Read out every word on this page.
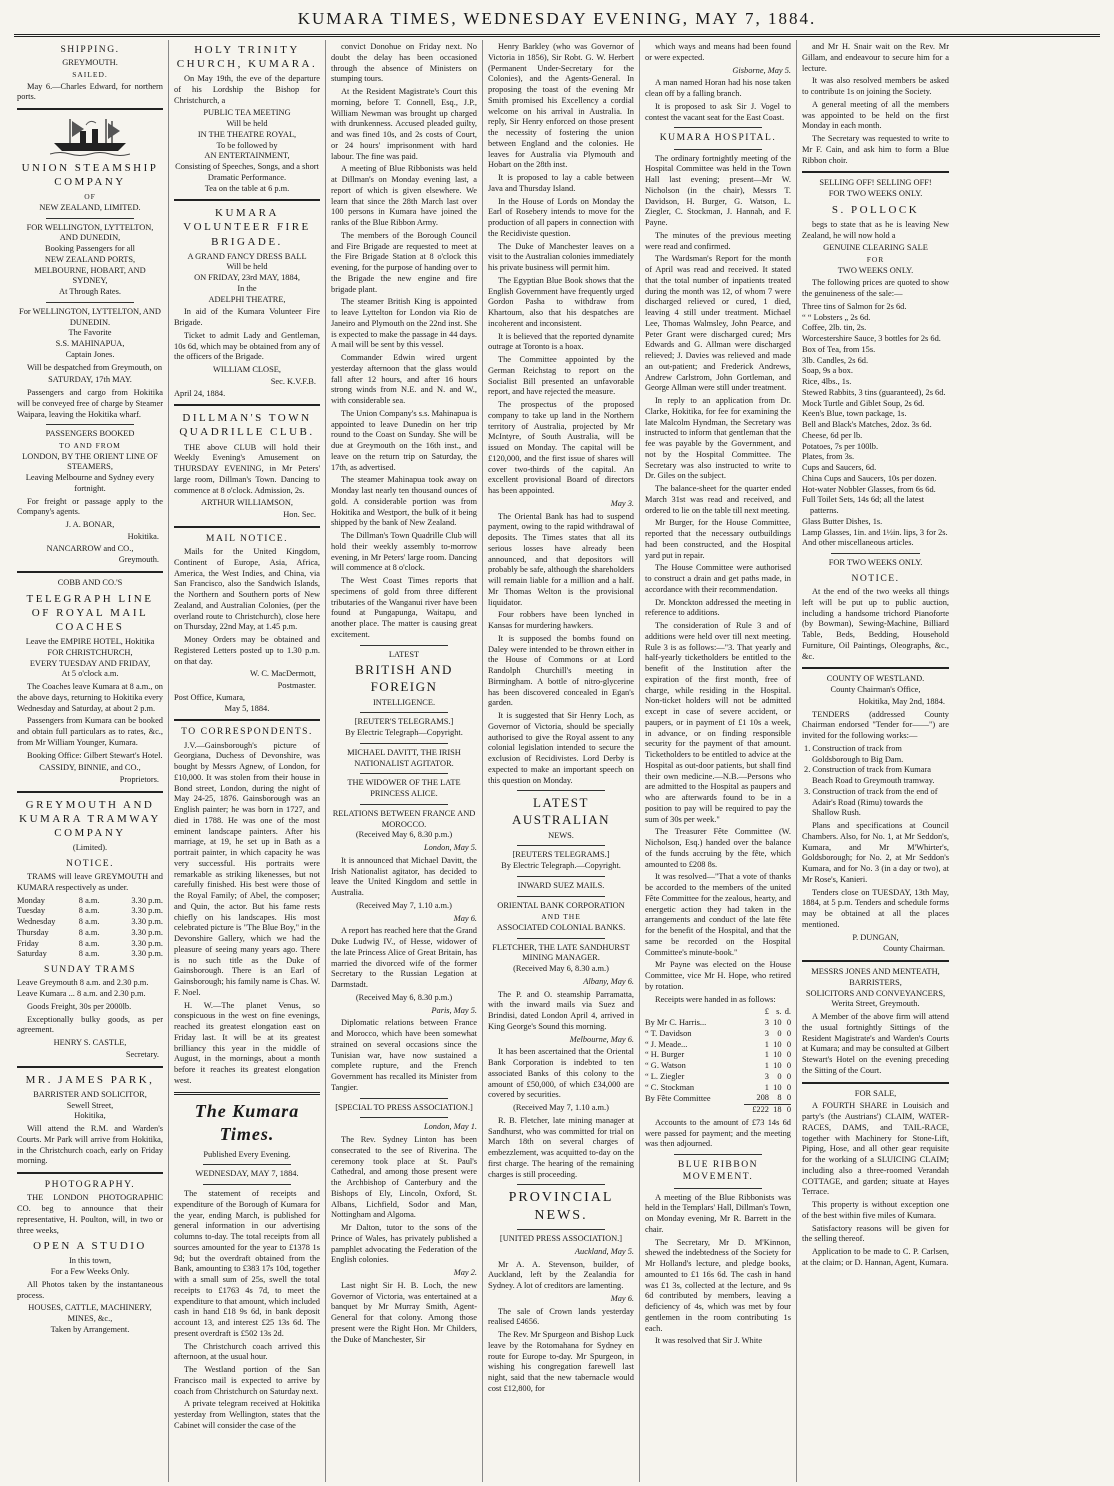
KUMARA TIMES, WEDNESDAY EVENING, MAY 7, 1884.
SHIPPING.
GREYMOUTH.
SAILED.

May 6.—Charles Edward, for northern ports.

UNION STEAMSHIP COMPANY
OF
NEW ZEALAND, LIMITED.
FOR WELLINGTON, LYTTELTON, AND DUNEDIN,
Booking Passengers for all
NEW ZEALAND PORTS, MELBOURNE, HOBART, AND SYDNEY,
At Through Rates.
For WELLINGTON, LYTTELTON, AND DUNEDIN.
The Favorite
S.S. MAHINAPUA,
Captain Jones.

Will be despatched from Greymouth, on

SATURDAY, 17th MAY.

Passengers and cargo from Hokitika will be conveyed free of charge by Steamer Waipara, leaving the Hokitika wharf.

PASSENGERS BOOKED
TO AND FROM
LONDON, BY THE ORIENT LINE OF STEAMERS,
Leaving Melbourne and Sydney every fortnight.

For freight or passage apply to the Company's agents.

J. A. BONAR,
Hokitika.
NANCARROW and CO.,
Greymouth.
COBB AND CO.'S
TELEGRAPH LINE OF ROYAL MAIL COACHES
Leave the EMPIRE HOTEL, Hokitika
FOR CHRISTCHURCH,
EVERY TUESDAY AND FRIDAY,
At 5 o'clock a.m.

The Coaches leave Kumara at 8 a.m., on the above days, returning to Hokitika every Wednesday and Saturday, at about 2 p.m.

Passengers from Kumara can be booked and obtain full particulars as to rates, &c., from Mr William Younger, Kumara.

Booking Office: Gilbert Stewart's Hotel.

CASSIDY, BINNIE, and CO.,
Proprietors.
GREYMOUTH AND KUMARA TRAMWAY COMPANY
(Limited).
NOTICE.

TRAMS will leave GREYMOUTH and KUMARA respectively as under.

Monday	8 a.m.	3.30 p.m.
Tuesday	8 a.m.	3.30 p.m.
Wednesday	8 a.m.	3.30 p.m.
Thursday	8 a.m.	3.30 p.m.
Friday	8 a.m.	3.30 p.m.
Saturday	8 a.m.	3.30 p.m.
SUNDAY TRAMS
Leave Greymouth 8 a.m. and 2.30 p.m.
Leave Kumara ... 8 a.m. and 2.30 p.m.

Goods Freight, 30s per 2000lb.

Exceptionally bulky goods, as per agreement.

HENRY S. CASTLE,
Secretary.
MR. JAMES PARK,
BARRISTER AND SOLICITOR,
Sewell Street,
Hokitika,

Will attend the R.M. and Warden's Courts. Mr Park will arrive from Hokitika, in the Christchurch coach, early on Friday morning.

PHOTOGRAPHY.

THE LONDON PHOTOGRAPHIC CO. beg to announce that their representative, H. Poulton, will, in two or three weeks,

OPEN A STUDIO
In this town,
For a Few Weeks Only.

All Photos taken by the instantaneous process.

HOUSES, CATTLE, MACHINERY, MINES, &c.,
Taken by Arrangement.
HOLY TRINITY CHURCH, KUMARA.

On May 19th, the eve of the departure of his Lordship the Bishop for Christchurch, a

PUBLIC TEA MEETING
Will be held
IN THE THEATRE ROYAL,
To be followed by
AN ENTERTAINMENT,
Consisting of Speeches, Songs, and a short Dramatic Performance.
Tea on the table at 6 p.m.
KUMARA VOLUNTEER FIRE BRIGADE.
A GRAND FANCY DRESS BALL
Will be held
ON FRIDAY, 23rd MAY, 1884,
In the
ADELPHI THEATRE,

In aid of the Kumara Volunteer Fire Brigade.

Ticket to admit Lady and Gentleman, 10s 6d, which may be obtained from any of the officers of the Brigade.

WILLIAM CLOSE,
Sec. K.V.F.B.
April 24, 1884.
DILLMAN'S TOWN QUADRILLE CLUB.

THE above CLUB will hold their Weekly Evening's Amusement on THURSDAY EVENING, in Mr Peters' large room, Dillman's Town. Dancing to commence at 8 o'clock. Admission, 2s.

ARTHUR WILLIAMSON,
Hon. Sec.
MAIL NOTICE.

Mails for the United Kingdom, Continent of Europe, Asia, Africa, America, the West Indies, and China, via San Francisco, also the Sandwich Islands, the Northern and Southern ports of New Zealand, and Australian Colonies, (per the overland route to Christchurch), close here on Thursday, 22nd May, at 1.45 p.m.

Money Orders may be obtained and Registered Letters posted up to 1.30 p.m. on that day.

W. C. MacDermott,
Postmaster.
Post Office, Kumara,
May 5, 1884.
TO CORRESPONDENTS.

J.V.—Gainsborough's picture of Georgiana, Duchess of Devonshire, was bought by Messrs Agnew, of London, for £10,000. It was stolen from their house in Bond street, London, during the night of May 24-25, 1876. Gainsborough was an English painter; he was born in 1727, and died in 1788. He was one of the most eminent landscape painters. After his marriage, at 19, he set up in Bath as a portrait painter, in which capacity he was very successful. His portraits were remarkable as striking likenesses, but not carefully finished. His best were those of the Royal Family; of Abel, the composer; and Quin, the actor. But his fame rests chiefly on his landscapes. His most celebrated picture is "The Blue Boy," in the Devonshire Gallery, which we had the pleasure of seeing many years ago. There is no such title as the Duke of Gainsborough. There is an Earl of Gainsborough; his family name is Chas. W. F. Noel.

H. W.—The planet Venus, so conspicuous in the west on fine evenings, reached its greatest elongation east on Friday last. It will be at its greatest brilliancy this year in the middle of August, in the mornings, about a month before it reaches its greatest elongation west.

The Kumara Times.
Published Every Evening.
WEDNESDAY, MAY 7, 1884.

The statement of receipts and expenditure of the Borough of Kumara for the year, ending March, is published for general information in our advertising columns to-day. The total receipts from all sources amounted for the year to £1378 1s 9d; but the overdraft obtained from the Bank, amounting to £383 17s 10d, together with a small sum of 25s, swell the total receipts to £1763 4s 7d, to meet the expenditure to that amount, which included cash in hand £18 9s 6d, in bank deposit account 13, and interest £25 13s 6d. The present overdraft is £502 13s 2d.

The Christchurch coach arrived this afternoon, at the usual hour.

The Westland portion of the San Francisco mail is expected to arrive by coach from Christchurch on Saturday next.

A private telegram received at Hokitika yesterday from Wellington, states that the Cabinet will consider the case of the

convict Donohue on Friday next. No doubt the delay has been occasioned through the absence of Ministers on stumping tours.

At the Resident Magistrate's Court this morning, before T. Connell, Esq., J.P., William Newman was brought up charged with drunkenness. Accused pleaded guilty, and was fined 10s, and 2s costs of Court, or 24 hours' imprisonment with hard labour. The fine was paid.

A meeting of Blue Ribbonists was held at Dillman's on Monday evening last, a report of which is given elsewhere. We learn that since the 28th March last over 100 persons in Kumara have joined the ranks of the Blue Ribbon Army.

The members of the Borough Council and Fire Brigade are requested to meet at the Fire Brigade Station at 8 o'clock this evening, for the purpose of handing over to the Brigade the new engine and fire brigade plant.

The steamer British King is appointed to leave Lyttelton for London via Rio de Janeiro and Plymouth on the 22nd inst. She is expected to make the passage in 44 days. A mail will be sent by this vessel.

Commander Edwin wired urgent yesterday afternoon that the glass would fall after 12 hours, and after 16 hours strong winds from N.E. and N. and W., with considerable sea.

The Union Company's s.s. Mahinapua is appointed to leave Dunedin on her trip round to the Coast on Sunday. She will be due at Greymouth on the 16th inst., and leave on the return trip on Saturday, the 17th, as advertised.

The steamer Mahinapua took away on Monday last nearly ten thousand ounces of gold. A considerable portion was from Hokitika and Westport, the bulk of it being shipped by the bank of New Zealand.

The Dillman's Town Quadrille Club will hold their weekly assembly to-morrow evening, in Mr Peters' large room. Dancing will commence at 8 o'clock.

The West Coast Times reports that specimens of gold from three different tributaries of the Wanganui river have been found at Pungapunga, Waitapu, and another place. The matter is causing great excitement.

LATEST
BRITISH AND FOREIGN
INTELLIGENCE.
[REUTER'S TELEGRAMS.]
By Electric Telegraph—Copyright.
MICHAEL DAVITT, THE IRISH NATIONALIST AGITATOR.
THE WIDOWER OF THE LATE PRINCESS ALICE.
RELATIONS BETWEEN FRANCE AND MOROCCO.
(Received May 6, 8.30 p.m.)
London, May 5.

It is announced that Michael Davitt, the Irish Nationalist agitator, has decided to leave the United Kingdom and settle in Australia.

(Received May 7, 1.10 a.m.)
May 6.

A report has reached here that the Grand Duke Ludwig IV., of Hesse, widower of the late Princess Alice of Great Britain, has married the divorced wife of the former Secretary to the Russian Legation at Darmstadt.

(Received May 6, 8.30 p.m.)
Paris, May 5.

Diplomatic relations between France and Morocco, which have been somewhat strained on several occasions since the Tunisian war, have now sustained a complete rupture, and the French Government has recalled its Minister from Tangier.

[SPECIAL TO PRESS ASSOCIATION.]
London, May 1.

The Rev. Sydney Linton has been consecrated to the see of Riverina. The ceremony took place at St. Paul's Cathedral, and among those present were the Archbishop of Canterbury and the Bishops of Ely, Lincoln, Oxford, St. Albans, Lichfield, Sodor and Man, Nottingham and Algoma.

Mr Dalton, tutor to the sons of the Prince of Wales, has privately published a pamphlet advocating the Federation of the English colonies.

May 2.

Last night Sir H. B. Loch, the new Governor of Victoria, was entertained at a banquet by Mr Murray Smith, Agent-General for that colony. Among those present were the Right Hon. Mr Childers, the Duke of Manchester, Sir

Henry Barkley (who was Governor of Victoria in 1856), Sir Robt. G. W. Herbert (Permanent Under-Secretary for the Colonies), and the Agents-General. In proposing the toast of the evening Mr Smith promised his Excellency a cordial welcome on his arrival in Australia. In reply, Sir Henry enforced on those present the necessity of fostering the union between England and the colonies. He leaves for Australia via Plymouth and Hobart on the 28th inst.

It is proposed to lay a cable between Java and Thursday Island.

In the House of Lords on Monday the Earl of Rosebery intends to move for the production of all papers in connection with the Recidiviste question.

The Duke of Manchester leaves on a visit to the Australian colonies immediately his private business will permit him.

The Egyptian Blue Book shows that the English Government have frequently urged Gordon Pasha to withdraw from Khartoum, also that his despatches are incoherent and inconsistent.

It is believed that the reported dynamite outrage at Toronto is a hoax.

The Committee appointed by the German Reichstag to report on the Socialist Bill presented an unfavorable report, and have rejected the measure.

The prospectus of the proposed company to take up land in the Northern territory of Australia, projected by Mr McIntyre, of South Australia, will be issued on Monday. The capital will be £120,000, and the first issue of shares will cover two-thirds of the capital. An excellent provisional Board of directors has been appointed.

May 3.

The Oriental Bank has had to suspend payment, owing to the rapid withdrawal of deposits. The Times states that all its serious losses have already been announced, and that depositors will probably be safe, although the shareholders will remain liable for a million and a half. Mr Thomas Welton is the provisional liquidator.

Four robbers have been lynched in Kansas for murdering hawkers.

It is supposed the bombs found on Daley were intended to be thrown either in the House of Commons or at Lord Randolph Churchill's meeting in Birmingham. A bottle of nitro-glycerine has been discovered concealed in Egan's garden.

It is suggested that Sir Henry Loch, as Governor of Victoria, should be specially authorised to give the Royal assent to any colonial legislation intended to secure the exclusion of Recidivistes. Lord Derby is expected to make an important speech on this question on Monday.

LATEST AUSTRALIAN
NEWS.
[REUTERS TELEGRAMS.]
By Electric Telegraph.—Copyright.
INWARD SUEZ MAILS.
ORIENTAL BANK CORPORATION
AND THE
ASSOCIATED COLONIAL BANKS.
FLETCHER, THE LATE SANDHURST MINING MANAGER.
(Received May 6, 8.30 a.m.)
Albany, May 6.

The P. and O. steamship Parramatta, with the inward mails via Suez and Brindisi, dated London April 4, arrived in King George's Sound this morning.

Melbourne, May 6.

It has been ascertained that the Oriental Bank Corporation is indebted to ten associated Banks of this colony to the amount of £50,000, of which £34,000 are covered by securities.

(Received May 7, 1.10 a.m.)

R. B. Fletcher, late mining manager at Sandhurst, who was committed for trial on March 18th on several charges of embezzlement, was acquitted to-day on the first charge. The hearing of the remaining charges is still proceeding.

PROVINCIAL NEWS.
[UNITED PRESS ASSOCIATION.]
Auckland, May 5.

Mr A. A. Stevenson, builder, of Auckland, left by the Zealandia for Sydney. A lot of creditors are lamenting.

May 6.

The sale of Crown lands yesterday realised £4656.

The Rev. Mr Spurgeon and Bishop Luck leave by the Rotomahana for Sydney en route for Europe to-day. Mr Spurgeon, in wishing his congregation farewell last night, said that the new tabernacle would cost £12,800, for

which ways and means had been found or were expected.

Gisborne, May 5.

A man named Horan had his nose taken clean off by a falling branch.

It is proposed to ask Sir J. Vogel to contest the vacant seat for the East Coast.

KUMARA HOSPITAL.

The ordinary fortnightly meeting of the Hospital Committee was held in the Town Hall last evening; present—Mr W. Nicholson (in the chair), Messrs T. Davidson, H. Burger, G. Watson, L. Ziegler, C. Stockman, J. Hannah, and F. Payne.

The minutes of the previous meeting were read and confirmed.

The Wardsman's Report for the month of April was read and received. It stated that the total number of inpatients treated during the month was 12, of whom 7 were discharged relieved or cured, 1 died, leaving 4 still under treatment. Michael Lee, Thomas Walmsley, John Pearce, and Peter Grant were discharged cured; Mrs Edwards and G. Allman were discharged relieved; J. Davies was relieved and made an out-patient; and Frederick Andrews, Andrew Carlstrom, John Gortleman, and George Allman were still under treatment.

In reply to an application from Dr. Clarke, Hokitika, for fee for examining the late Malcolm Hyndman, the Secretary was instructed to inform that gentleman that the fee was payable by the Government, and not by the Hospital Committee. The Secretary was also instructed to write to Dr. Giles on the subject.

The balance-sheet for the quarter ended March 31st was read and received, and ordered to lie on the table till next meeting.

Mr Burger, for the House Committee, reported that the necessary outbuildings had been constructed, and the Hospital yard put in repair.

The House Committee were authorised to construct a drain and get paths made, in accordance with their recommendation.

Dr. Monckton addressed the meeting in reference to additions.

The consideration of Rule 3 and of additions were held over till next meeting. Rule 3 is as follows:—"3. That yearly and half-yearly ticketholders be entitled to the benefit of the Institution after the expiration of the first month, free of charge, while residing in the Hospital. Non-ticket holders will not be admitted except in case of severe accident, or paupers, or in payment of £1 10s a week, in advance, or on finding responsible security for the payment of that amount. Ticketholders to be entitled to advice at the Hospital as out-door patients, but shall find their own medicine.—N.B.—Persons who are admitted to the Hospital as paupers and who are afterwards found to be in a position to pay will be required to pay the sum of 30s per week."

The Treasurer Fête Committee (W. Nicholson, Esq.) handed over the balance of the funds accruing by the fête, which amounted to £208 8s.

It was resolved—"That a vote of thanks be accorded to the members of the united Fête Committee for the zealous, hearty, and energetic action they had taken in the arrangements and conduct of the late fête for the benefit of the Hospital, and that the same be recorded on the Hospital Committee's minute-book."

Mr Payne was elected on the House Committee, vice Mr H. Hope, who retired by rotation.

Receipts were handed in as follows:

	£	s.	d.
By Mr C. Harris...	3	10	0
“ T. Davidson	3	0	0
“ J. Meade...	1	10	0
“ H. Burger	1	10	0
“ G. Watson	1	10	0
“ L. Ziegler	3	0	0
“ C. Stockman	1	10	0
By Fête Committee	208	8	0
	£222	18	0

Accounts to the amount of £73 14s 6d were passed for payment; and the meeting was then adjourned.

BLUE RIBBON MOVEMENT.

A meeting of the Blue Ribbonists was held in the Templars' Hall, Dillman's Town, on Monday evening, Mr R. Barrett in the chair.

The Secretary, Mr D. M'Kinnon, shewed the indebtedness of the Society for Mr Holland's lecture, and pledge books, amounted to £1 16s 6d. The cash in hand was £1 3s, collected at the lecture, and 9s 6d contributed by members, leaving a deficiency of 4s, which was met by four gentlemen in the room contributing 1s each.

It was resolved that Sir J. White

and Mr H. Snair wait on the Rev. Mr Gillam, and endeavour to secure him for a lecture.

It was also resolved members be asked to contribute 1s on joining the Society.

A general meeting of all the members was appointed to be held on the first Monday in each month.

The Secretary was requested to write to Mr F. Cain, and ask him to form a Blue Ribbon choir.

SELLING OFF! SELLING OFF!
FOR TWO WEEKS ONLY.
S. POLLOCK

begs to state that as he is leaving New Zealand, he will now hold a

GENUINE CLEARING SALE
FOR
TWO WEEKS ONLY.

The following prices are quoted to show the genuineness of the sale:—

Three tins of Salmon for 2s 6d.
“ “ Lobsters „ 2s 6d.
Coffee, 2lb. tin, 2s.
Worcestershire Sauce, 3 bottles for 2s 6d.
Box of Tea, from 15s.
3lb. Candles, 2s 6d.
Soap, 9s a box.
Rice, 4lbs., 1s.
Stewed Rabbits, 3 tins (guaranteed), 2s 6d.
Mock Turtle and Giblet Soup, 2s 6d.
Keen's Blue, town package, 1s.
Bell and Black's Matches, 2doz. 3s 6d.
Cheese, 6d per lb.
Potatoes, 7s per 100lb.
Plates, from 3s.
Cups and Saucers, 6d.
China Cups and Saucers, 10s per dozen.
Hot-water Nobbler Glasses, from 6s 6d.
Full Toilet Sets, 14s 6d; all the latest patterns.
Glass Butter Dishes, 1s.
Lamp Glasses, 1in. and 1½in. lips, 3 for 2s.
And other miscellaneous articles.
FOR TWO WEEKS ONLY.
NOTICE.

At the end of the two weeks all things left will be put up to public auction, including a handsome trichord Pianoforte (by Bowman), Sewing-Machine, Billiard Table, Beds, Bedding, Household Furniture, Oil Paintings, Oleographs, &c., &c.

COUNTY OF WESTLAND.
County Chairman's Office,
Hokitika, May 2nd, 1884.

TENDERS (addressed County Chairman endorsed "Tender for——") are invited for the following works:—

1. Construction of track from Goldsborough to Big Dam.
2. Construction of track from Kumara Beach Road to Greymouth tramway.
3. Construction of track from the end of Adair's Road (Rimu) towards the Shallow Rush.

Plans and specifications at Council Chambers. Also, for No. 1, at Mr Seddon's, Kumara, and Mr M'Whirter's, Goldsborough; for No. 2, at Mr Seddon's Kumara, and for No. 3 (in a day or two), at Mr Rose's, Kanieri.

Tenders close on TUESDAY, 13th May, 1884, at 5 p.m. Tenders and schedule forms may be obtained at all the places mentioned.

P. DUNGAN,
County Chairman.
MESSRS JONES AND MENTEATH,
BARRISTERS,
SOLICITORS AND CONVEYANCERS,
Werita Street, Greymouth.

A Member of the above firm will attend the usual fortnightly Sittings of the Resident Magistrate's and Warden's Courts at Kumara; and may be consulted at Gilbert Stewart's Hotel on the evening preceding the Sitting of the Court.

FOR SALE,

A FOURTH SHARE in Louisich and party's (the Austrians') CLAIM, WATER-RACES, DAMS, and TAIL-RACE, together with Machinery for Stone-Lift, Piping, Hose, and all other gear requisite for the working of a SLUICING CLAIM; including also a three-roomed Verandah COTTAGE, and garden; situate at Hayes Terrace.

This property is without exception one of the best within five miles of Kumara.

Satisfactory reasons will be given for the selling thereof.

Application to be made to C. P. Carlsen, at the claim; or D. Hannan, Agent, Kumara.
